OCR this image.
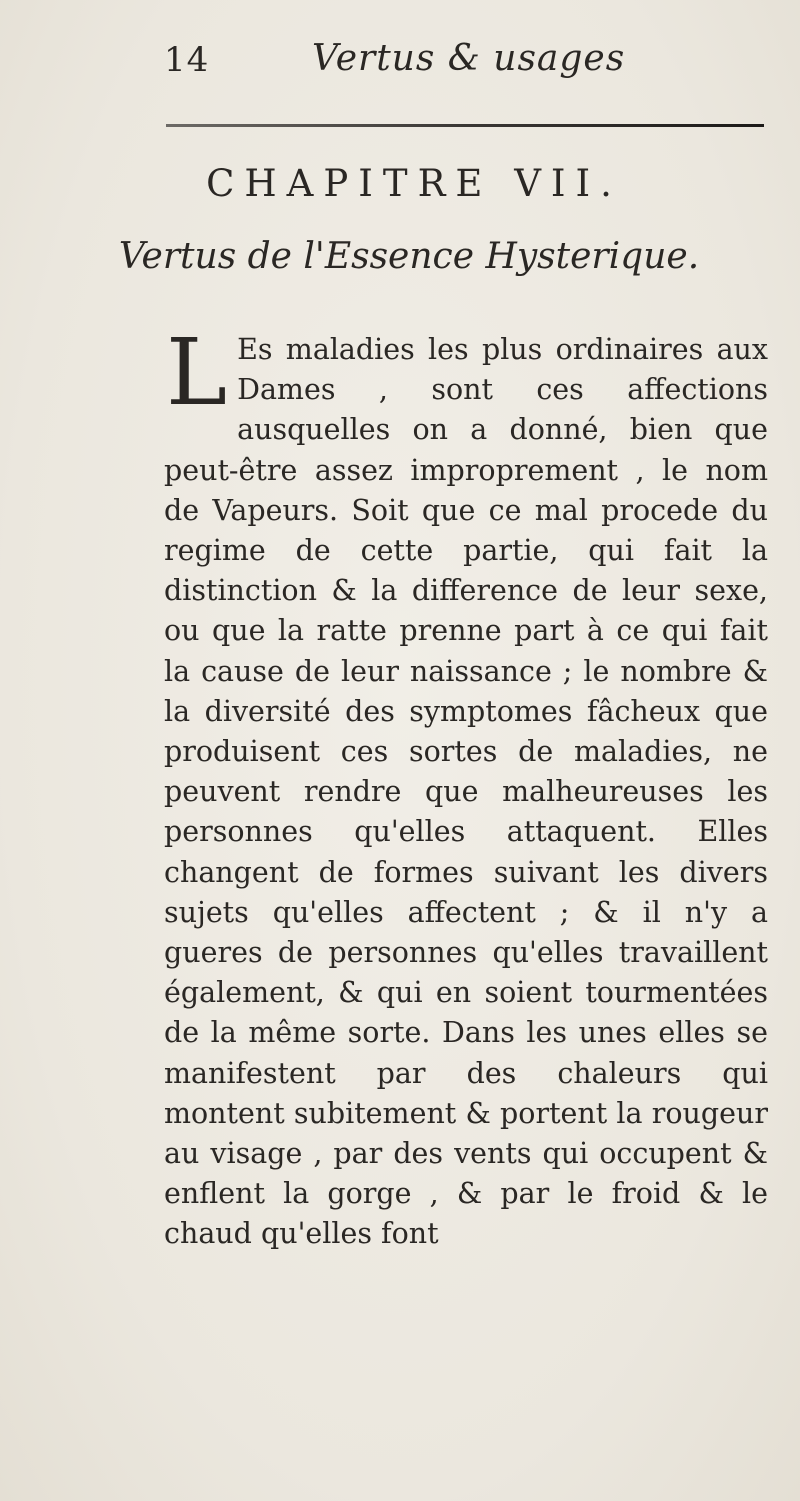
14	Vertus & usages
CHAPITRE VII.
Vertus de l'Essence Hysterique.
L Es maladies les plus ordinaires aux Dames , sont ces affections ausquelles on a donné, bien que peut-être assez improprement , le nom de Vapeurs. Soit que ce mal procede du regime de cette partie, qui fait la distinction & la difference de leur sexe, ou que la ratte prenne part à ce qui fait la cause de leur naissance ; le nombre & la diversité des symptomes fâcheux que produisent ces sortes de maladies, ne peuvent rendre que malheureuses les personnes qu'elles attaquent. Elles changent de formes suivant les divers sujets qu'elles affectent ; & il n'y a gueres de personnes qu'elles travaillent également, & qui en soient tourmentées de la même sorte. Dans les unes elles se manifestent par des chaleurs qui montent subitement & portent la rougeur au visage , par des vents qui occupent & enflent la gorge , & par le froid & le chaud qu'elles font
